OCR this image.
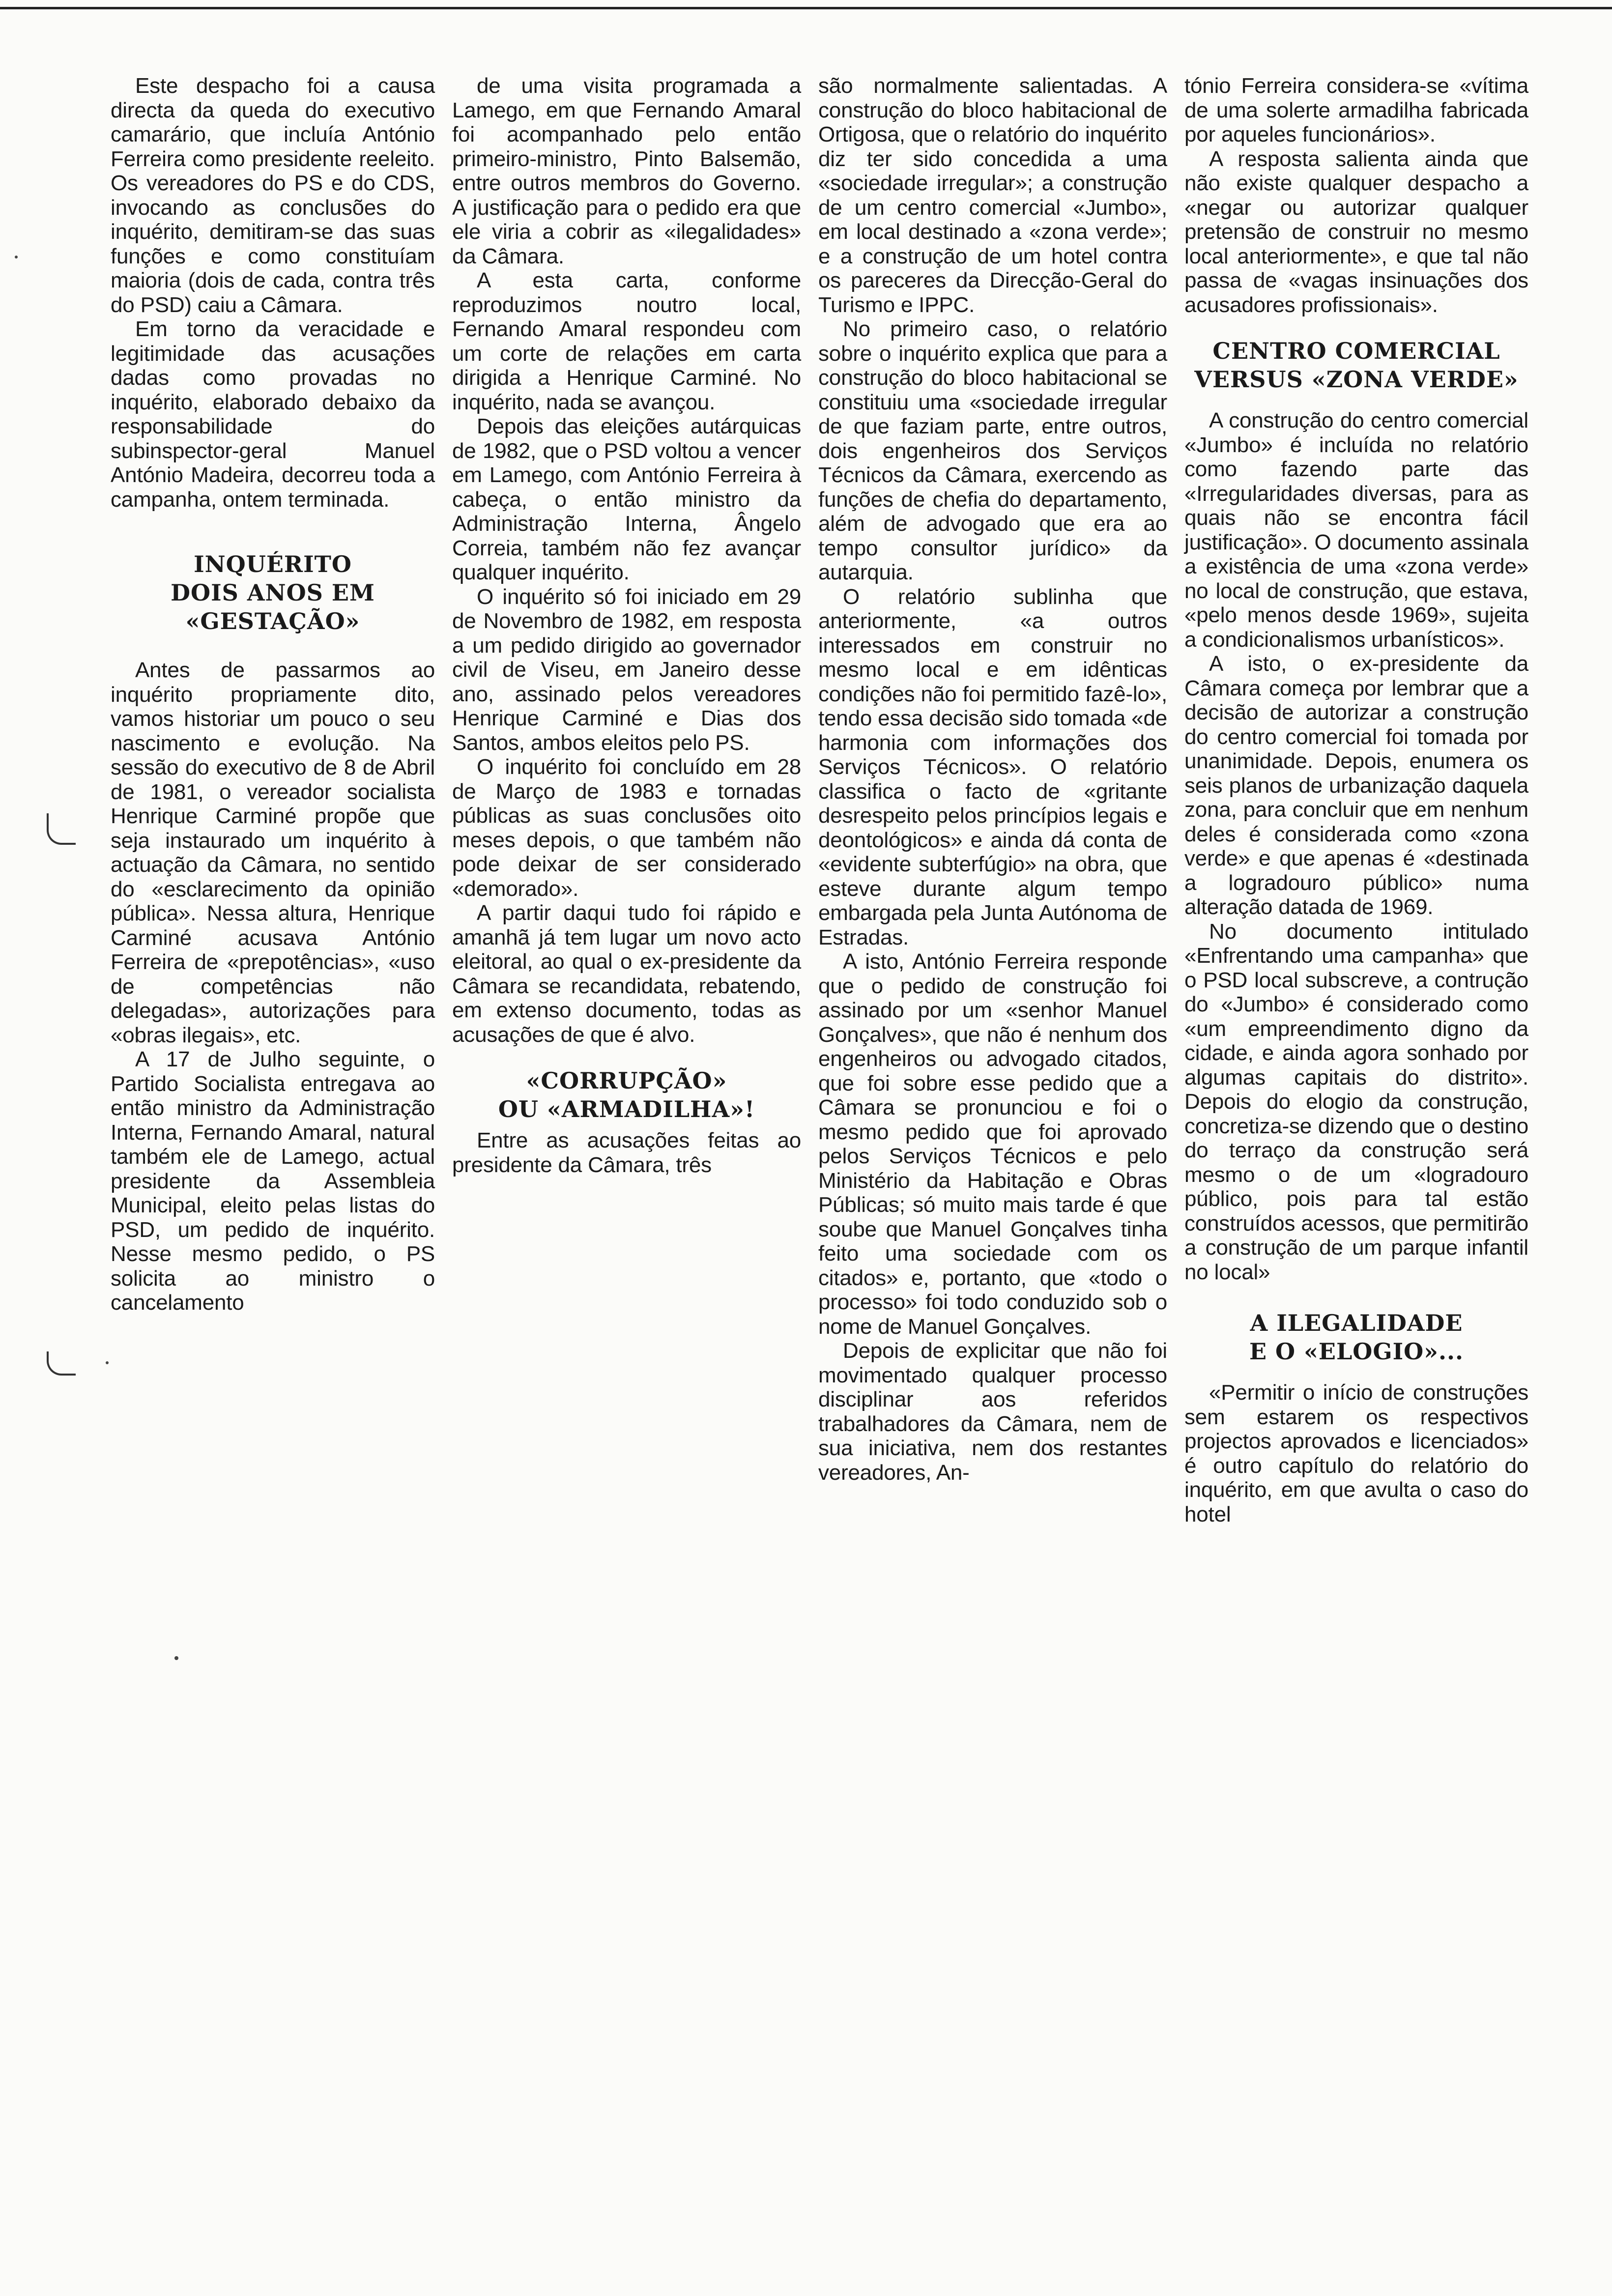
Este despacho foi a causa directa da queda do executivo camarário, que incluía António Ferreira como presidente reeleito. Os vereadores do PS e do CDS, invocando as conclusões do inquérito, demitiram-se das suas funções e como constituíam maioria (dois de cada, contra três do PSD) caiu a Câmara.

Em torno da veracidade e legitimidade das acusações dadas como provadas no inquérito, elaborado debaixo da responsabilidade do subinspector-geral Manuel António Madeira, decorreu toda a campanha, ontem terminada.

INQUÉRITO
DOIS ANOS EM «GESTAÇÃO»

Antes de passarmos ao inquérito propriamente dito, vamos historiar um pouco o seu nascimento e evolução. Na sessão do executivo de 8 de Abril de 1981, o vereador socialista Henrique Carminé propõe que seja instaurado um inquérito à actuação da Câmara, no sentido do «esclarecimento da opinião pública». Nessa altura, Henrique Carminé acusava António Ferreira de «prepotências», «uso de competências não delegadas», autorizações para «obras ilegais», etc.

A 17 de Julho seguinte, o Partido Socialista entregava ao então ministro da Administração Interna, Fernando Amaral, natural também ele de Lamego, actual presidente da Assembleia Municipal, eleito pelas listas do PSD, um pedido de inquérito. Nesse mesmo pedido, o PS solicita ao ministro o cancelamento

de uma visita programada a Lamego, em que Fernando Amaral foi acompanhado pelo então primeiro-ministro, Pinto Balsemão, entre outros membros do Governo. A justificação para o pedido era que ele viria a cobrir as «ilegalidades» da Câmara.

A esta carta, conforme reproduzimos noutro local, Fernando Amaral respondeu com um corte de relações em carta dirigida a Henrique Carminé. No inquérito, nada se avançou.

Depois das eleições autárquicas de 1982, que o PSD voltou a vencer em Lamego, com António Ferreira à cabeça, o então ministro da Administração Interna, Ângelo Correia, também não fez avançar qualquer inquérito.

O inquérito só foi iniciado em 29 de Novembro de 1982, em resposta a um pedido dirigido ao governador civil de Viseu, em Janeiro desse ano, assinado pelos vereadores Henrique Carminé e Dias dos Santos, ambos eleitos pelo PS.

O inquérito foi concluído em 28 de Março de 1983 e tornadas públicas as suas conclusões oito meses depois, o que também não pode deixar de ser considerado «demorado».

A partir daqui tudo foi rápido e amanhã já tem lugar um novo acto eleitoral, ao qual o ex-presidente da Câmara se recandidata, rebatendo, em extenso documento, todas as acusações de que é alvo.

«CORRUPÇÃO»
OU «ARMADILHA»!

Entre as acusações feitas ao presidente da Câmara, três

são normalmente salientadas. A construção do bloco habitacional de Ortigosa, que o relatório do inquérito diz ter sido concedida a uma «sociedade irregular»; a construção de um centro comercial «Jumbo», em local destinado a «zona verde»; e a construção de um hotel contra os pareceres da Direcção-Geral do Turismo e IPPC.

No primeiro caso, o relatório sobre o inquérito explica que para a construção do bloco habitacional se constituiu uma «sociedade irregular de que faziam parte, entre outros, dois engenheiros dos Serviços Técnicos da Câmara, exercendo as funções de chefia do departamento, além de advogado que era ao tempo consultor jurídico» da autarquia.

O relatório sublinha que anteriormente, «a outros interessados em construir no mesmo local e em idênticas condições não foi permitido fazê-lo», tendo essa decisão sido tomada «de harmonia com informações dos Serviços Técnicos». O relatório classifica o facto de «gritante desrespeito pelos princípios legais e deontológicos» e ainda dá conta de «evidente subterfúgio» na obra, que esteve durante algum tempo embargada pela Junta Autónoma de Estradas.

A isto, António Ferreira responde que o pedido de construção foi assinado por um «senhor Manuel Gonçalves», que não é nenhum dos engenheiros ou advogado citados, que foi sobre esse pedido que a Câmara se pronunciou e foi o mesmo pedido que foi aprovado pelos Serviços Técnicos e pelo Ministério da Habitação e Obras Públicas; só muito mais tarde é que soube que Manuel Gonçalves tinha feito uma sociedade com os citados» e, portanto, que «todo o processo» foi todo conduzido sob o nome de Manuel Gonçalves.

Depois de explicitar que não foi movimentado qualquer processo disciplinar aos referidos trabalhadores da Câmara, nem de sua iniciativa, nem dos restantes vereadores, An-

tónio Ferreira considera-se «vítima de uma solerte armadilha fabricada por aqueles funcionários».

A resposta salienta ainda que não existe qualquer despacho a «negar ou autorizar qualquer pretensão de construir no mesmo local anteriormente», e que tal não passa de «vagas insinuações dos acusadores profissionais».

CENTRO COMERCIAL
VERSUS «ZONA VERDE»

A construção do centro comercial «Jumbo» é incluída no relatório como fazendo parte das «Irregularidades diversas, para as quais não se encontra fácil justificação». O documento assinala a existência de uma «zona verde» no local de construção, que estava, «pelo menos desde 1969», sujeita a condicionalismos urbanísticos».

A isto, o ex-presidente da Câmara começa por lembrar que a decisão de autorizar a construção do centro comercial foi tomada por unanimidade. Depois, enumera os seis planos de urbanização daquela zona, para concluir que em nenhum deles é considerada como «zona verde» e que apenas é «destinada a logradouro público» numa alteração datada de 1969.

No documento intitulado «Enfrentando uma campanha» que o PSD local subscreve, a contrução do «Jumbo» é considerado como «um empreendimento digno da cidade, e ainda agora sonhado por algumas capitais do distrito». Depois do elogio da construção, concretiza-se dizendo que o destino do terraço da construção será mesmo o de um «logradouro público, pois para tal estão construídos acessos, que permitirão a construção de um parque infantil no local»

A ILEGALIDADE
E O «ELOGIO»...

«Permitir o início de construções sem estarem os respectivos projectos aprovados e licenciados» é outro capítulo do relatório do inquérito, em que avulta o caso do hotel
